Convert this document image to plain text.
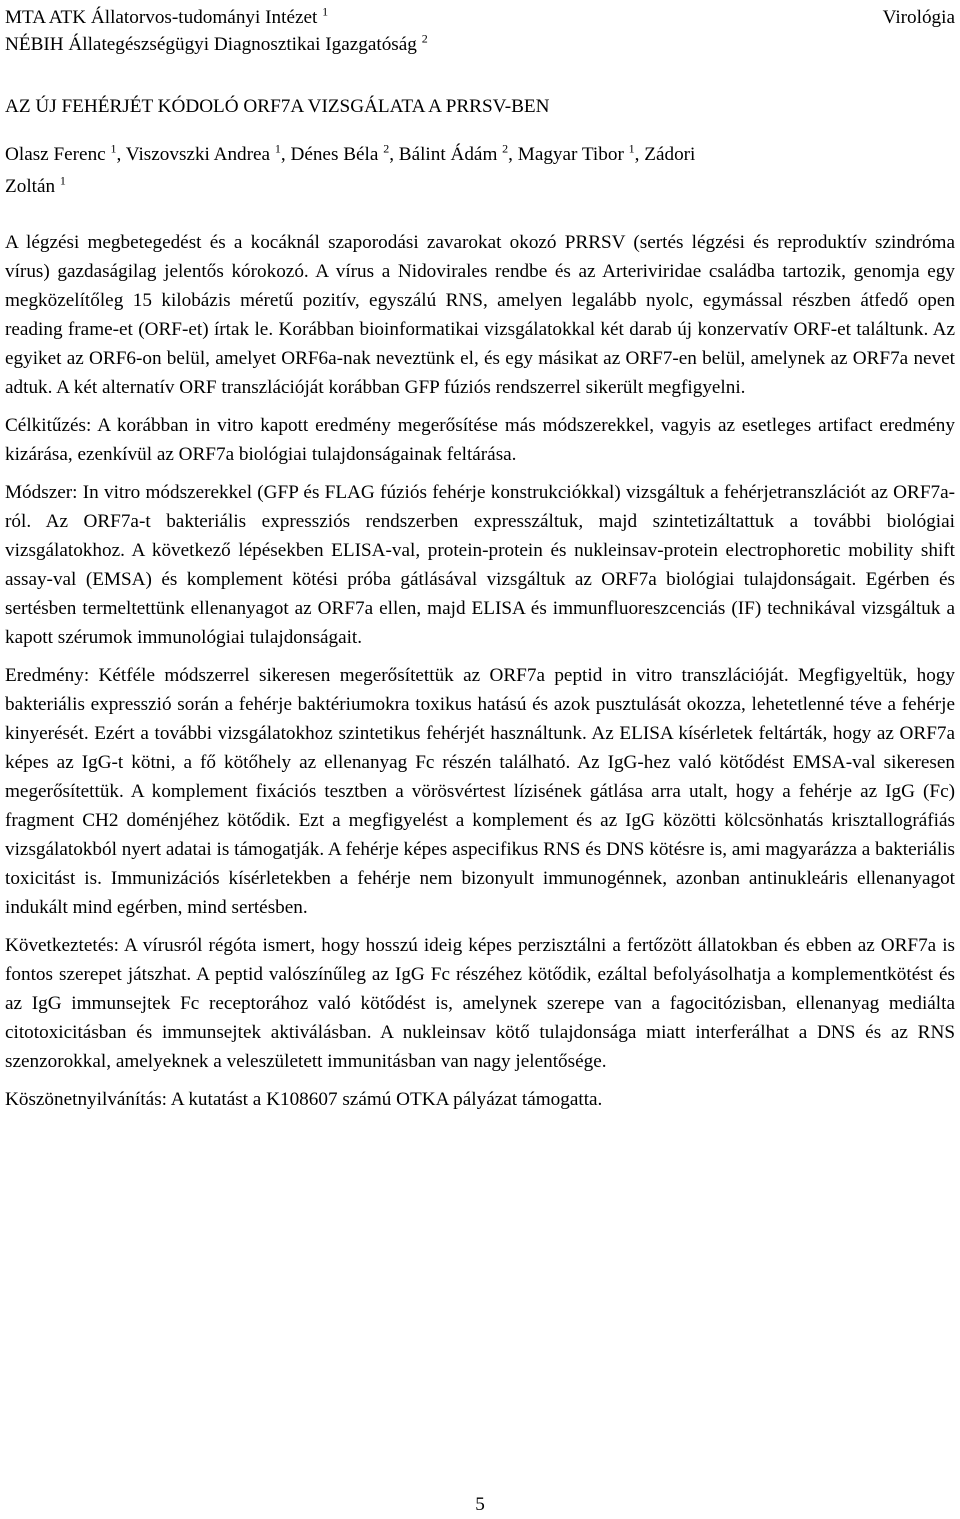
MTA ATK Állatorvos-tudományi Intézet $^1$
NÉBIH Állategészségügyi Diagnosztikai Igazgatóság $^2$
Virológia
AZ ÚJ FEHÉRJÉT KÓDOLÓ ORF7A VIZSGÁLATA A PRRSV-BEN
Olasz Ferenc $^1$, Viszovszki Andrea $^1$, Dénes Béla $^2$, Bálint Ádám $^2$, Magyar Tibor $^1$, Zádori
Zoltán $^1$

A légzési megbetegedést és a kocáknál szaporodási zavarokat okozó PRRSV (sertés légzési és reproduktív szindróma vírus) gazdaságilag jelentős kórokozó. A vírus a Nidovirales rendbe és az Arteriviridae családba tartozik, genomja egy megközelítőleg 15 kilobázis méretű pozitív, egyszálú RNS, amelyen legalább nyolc, egymással részben átfedő open reading frame-et (ORF-et) írtak le. Korábban bioinformatikai vizsgálatokkal két darab új konzervatív ORF-et találtunk. Az egyiket az ORF6-on belül, amelyet ORF6a-nak neveztünk el, és egy másikat az ORF7-en belül, amelynek az ORF7a nevet adtuk. A két alternatív ORF transzlációját korábban GFP fúziós rendszerrel sikerült megfigyelni.

Célkitűzés: A korábban in vitro kapott eredmény megerősítése más módszerekkel, vagyis az esetleges artifact eredmény kizárása, ezenkívül az ORF7a biológiai tulajdonságainak feltárása.

Módszer: In vitro módszerekkel (GFP és FLAG fúziós fehérje konstrukciókkal) vizsgáltuk a fehérjetranszlációt az ORF7a-ról. Az ORF7a-t bakteriális expressziós rendszerben expresszáltuk, majd szintetizáltattuk a további biológiai vizsgálatokhoz. A következő lépésekben ELISA-val, protein-protein és nukleinsav-protein electrophoretic mobility shift assay-val (EMSA) és komplement kötési próba gátlásával vizsgáltuk az ORF7a biológiai tulajdonságait. Egérben és sertésben termeltettünk ellenanyagot az ORF7a ellen, majd ELISA és immunfluoreszcenciás (IF) technikával vizsgáltuk a kapott szérumok immunológiai tulajdonságait.

Eredmény: Kétféle módszerrel sikeresen megerősítettük az ORF7a peptid in vitro transzlációját. Megfigyeltük, hogy bakteriális expresszió során a fehérje baktériumokra toxikus hatású és azok pusztulását okozza, lehetetlenné téve a fehérje kinyerését. Ezért a további vizsgálatokhoz szintetikus fehérjét használtunk. Az ELISA kísérletek feltárták, hogy az ORF7a képes az IgG-t kötni, a fő kötőhely az ellenanyag Fc részén található. Az IgG-hez való kötődést EMSA-val sikeresen megerősítettük. A komplement fixációs tesztben a vörösvértest lízisének gátlása arra utalt, hogy a fehérje az IgG (Fc) fragment CH2 doménjéhez kötődik. Ezt a megfigyelést a komplement és az IgG közötti kölcsönhatás krisztallográfiás vizsgálatokból nyert adatai is támogatják. A fehérje képes aspecifikus RNS és DNS kötésre is, ami magyarázza a bakteriális toxicitást is. Immunizációs kísérletekben a fehérje nem bizonyult immunogénnek, azonban antinukleáris ellenanyagot indukált mind egérben, mind sertésben.

Következtetés: A vírusról régóta ismert, hogy hosszú ideig képes perzisztálni a fertőzött állatokban és ebben az ORF7a is fontos szerepet játszhat. A peptid valószínűleg az IgG Fc részéhez kötődik, ezáltal befolyásolhatja a komplementkötést és az IgG immunsejtek Fc receptorához való kötődést is, amelynek szerepe van a fagocitózisban, ellenanyag mediálta citotoxicitásban és immunsejtek aktiválásban. A nukleinsav kötő tulajdonsága miatt interferálhat a DNS és az RNS szenzorokkal, amelyeknek a veleszületett immunitásban van nagy jelentősége.

Köszönetnyilvánítás: A kutatást a K108607 számú OTKA pályázat támogatta.

5
